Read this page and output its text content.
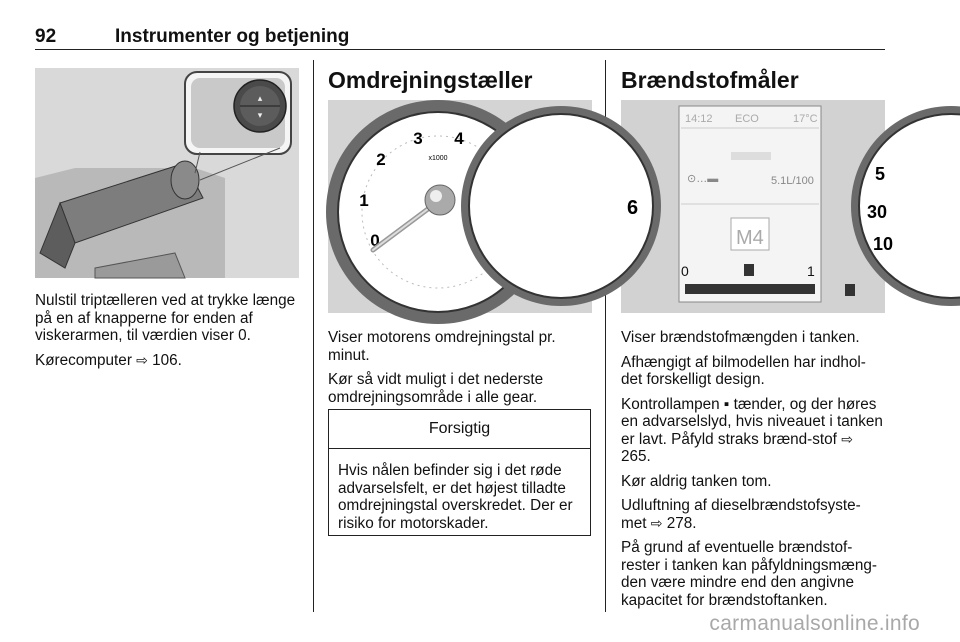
92	Instrumenter og betjening
▴
▾

Nulstil triptælleren ved at trykke længe på en af knapperne for enden af viskerarmen, til værdien viser 0.

Kørecomputer ⇨ 106.

Omdrejningstæller
0
1
2
3 4
x1000

Viser motorens omdrejningstal pr. minut.

Kør så vidt muligt i det nederste omdrejningsområde i alle gear.

Forsigtig

Hvis nålen befinder sig i det røde advarselsfelt, er det højest tilladte omdrejningstal overskredet. Der er risiko for motorskader.

Brændstofmåler
6
5
30
10
14:12 ECO	17°C
⊙…▬	5.1L/100
M4
0	1

Viser brændstofmængden i tanken.

Afhængigt af bilmodellen har indhol-det forskelligt design.

Kontrollampen ▪ tænder, og der høres en advarselslyd, hvis niveauet i tanken er lavt. Påfyld straks brænd-stof ⇨ 265.

Kør aldrig tanken tom.

Udluftning af dieselbrændstofsyste-met ⇨ 278.

På grund af eventuelle brændstof-rester i tanken kan påfyldningsmæng-den være mindre end den angivne kapacitet for brændstoftanken.

carmanualsonline.info
